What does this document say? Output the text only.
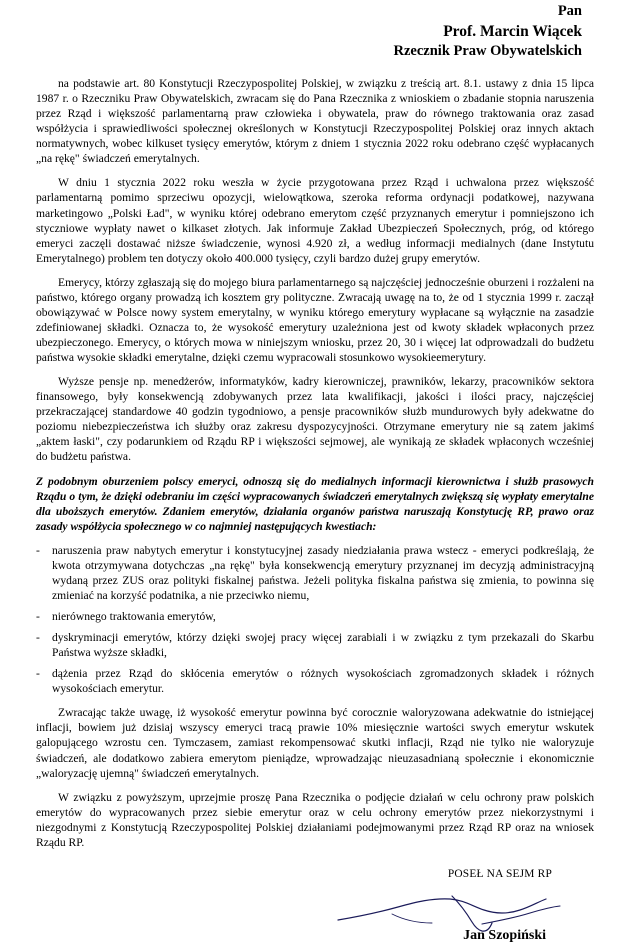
Pan
Prof. Marcin Wiącek
Rzecznik Praw Obywatelskich

na podstawie art. 80 Konstytucji Rzeczypospolitej Polskiej, w związku z treścią art. 8.1. ustawy z dnia 15 lipca 1987 r. o Rzeczniku Praw Obywatelskich, zwracam się do Pana Rzecznika z wnioskiem o zbadanie stopnia naruszenia przez Rząd i większość parlamentarną praw człowieka i obywatela, praw do równego traktowania oraz zasad współżycia i sprawiedliwości społecznej określonych w Konstytucji Rzeczypospolitej Polskiej oraz innych aktach normatywnych, wobec kilkuset tysięcy emerytów, którym z dniem 1 stycznia 2022 roku odebrano część wypłacanych „na rękę" świadczeń emerytalnych.

W dniu 1 stycznia 2022 roku weszła w życie przygotowana przez Rząd i uchwalona przez większość parlamentarną pomimo sprzeciwu opozycji, wielowątkowa, szeroka reforma ordynacji podatkowej, nazywana marketingowo „Polski Ład", w wyniku której odebrano emerytom część przyznanych emerytur i pomniejszono ich styczniowe wypłaty nawet o kilkaset złotych. Jak informuje Zakład Ubezpieczeń Społecznych, próg, od którego emeryci zaczęli dostawać niższe świadczenie, wynosi 4.920 zł, a według informacji medialnych (dane Instytutu Emerytalnego) problem ten dotyczy około 400.000 tysięcy, czyli bardzo dużej grupy emerytów.

Emerycy, którzy zgłaszają się do mojego biura parlamentarnego są najczęściej jednocześnie oburzeni i rozżaleni na państwo, którego organy prowadzą ich kosztem gry polityczne. Zwracają uwagę na to, że od 1 stycznia 1999 r. zaczął obowiązywać w Polsce nowy system emerytalny, w wyniku którego emerytury wypłacane są wyłącznie na zasadzie zdefiniowanej składki. Oznacza to, że wysokość emerytury uzależniona jest od kwoty składek wpłaconych przez ubezpieczonego. Emerycy, o których mowa w niniejszym wniosku, przez 20, 30 i więcej lat odprowadzali do budżetu państwa wysokie składki emerytalne, dzięki czemu wypracowali stosunkowo wysokieemerytury.

Wyższe pensje np. menedżerów, informatyków, kadry kierowniczej, prawników, lekarzy, pracowników sektora finansowego, były konsekwencją zdobywanych przez lata kwalifikacji, jakości i ilości pracy, najczęściej przekraczającej standardowe 40 godzin tygodniowo, a pensje pracowników służb mundurowych były adekwatne do poziomu niebezpieczeństwa ich służby oraz zakresu dyspozycyjności. Otrzymane emerytury nie są zatem jakimś „aktem łaski", czy podarunkiem od Rządu RP i większości sejmowej, ale wynikają ze składek wpłaconych wcześniej do budżetu państwa.

Z podobnym oburzeniem polscy emeryci, odnoszą się do medialnych informacji kierownictwa i służb prasowych Rządu o tym, że dzięki odebraniu im części wypracowanych świadczeń emerytalnych zwiększą się wypłaty emerytalne dla uboższych emerytów. Zdaniem emerytów, działania organów państwa naruszają Konstytucję RP, prawo oraz zasady współżycia społecznego w co najmniej następujących kwestiach:

- naruszenia praw nabytych emerytur i konstytucyjnej zasady niedziałania prawa wstecz - emeryci podkreślają, że kwota otrzymywana dotychczas „na rękę" była konsekwencją emerytury przyznanej im decyzją administracyjną wydaną przez ZUS oraz polityki fiskalnej państwa. Jeżeli polityka fiskalna państwa się zmienia, to powinna się zmieniać na korzyść podatnika, a nie przeciwko niemu,
- nierównego traktowania emerytów,
- dyskryminacji emerytów, którzy dzięki swojej pracy więcej zarabiali i w związku z tym przekazali do Skarbu Państwa wyższe składki,
- dążenia przez Rząd do skłócenia emerytów o różnych wysokościach zgromadzonych składek i różnych wysokościach emerytur.

Zwracając także uwagę, iż wysokość emerytur powinna być corocznie waloryzowana adekwatnie do istniejącej inflacji, bowiem już dzisiaj wszyscy emeryci tracą prawie 10% miesięcznie wartości swych emerytur wskutek galopującego wzrostu cen. Tymczasem, zamiast rekompensować skutki inflacji, Rząd nie tylko nie waloryzuje świadczeń, ale dodatkowo zabiera emerytom pieniądze, wprowadzając nieuzasadnianą społecznie i ekonomicznie „waloryzację ujemną" świadczeń emerytalnych.

W związku z powyższym, uprzejmie proszę Pana Rzecznika o podjęcie działań w celu ochrony praw polskich emerytów do wypracowanych przez siebie emerytur oraz w celu ochrony emerytów przez niekorzystnymi i niezgodnymi z Konstytucją Rzeczypospolitej Polskiej działaniami podejmowanymi przez Rząd RP oraz na wniosek Rządu RP.

POSEŁ NA SEJM RP
Jan Szopiński
